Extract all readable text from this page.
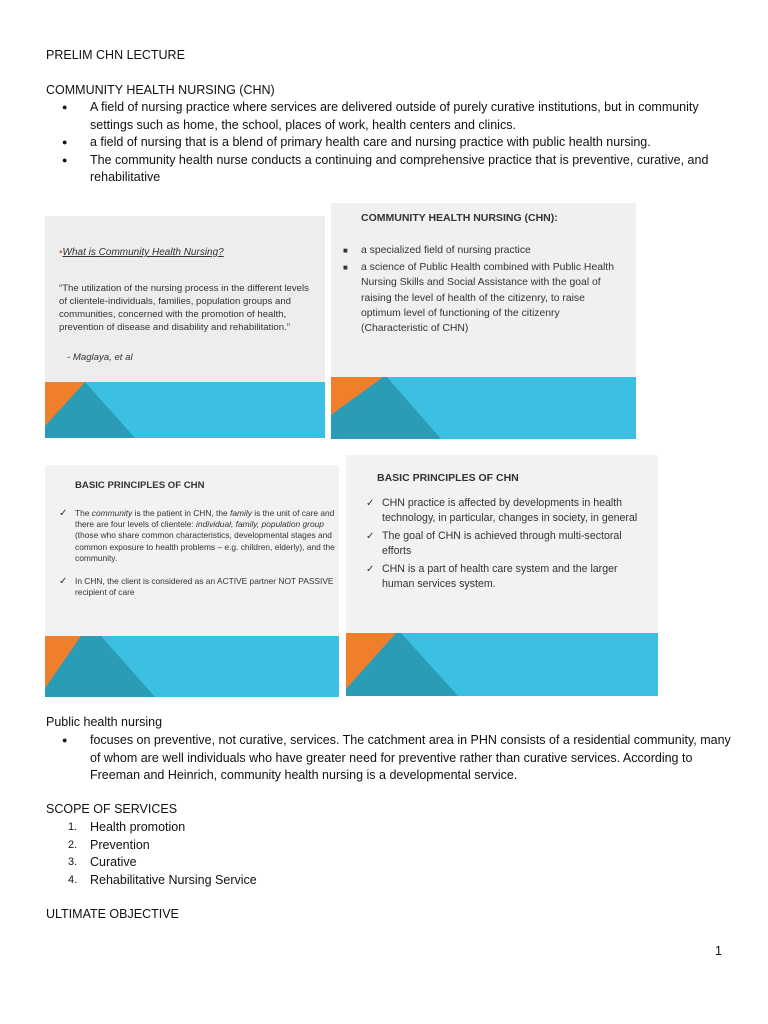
PRELIM CHN LECTURE
COMMUNITY HEALTH NURSING (CHN)
● A field of nursing practice where services are delivered outside of purely curative institutions, but in community settings such as home, the school, places of work, health centers and clinics.
● a field of nursing that is a blend of primary health care and nursing practice with public health nursing.
● The community health nurse conducts a continuing and comprehensive practice that is preventive, curative, and rehabilitative
▪What is Community Health Nursing?
“The utilization of the nursing process in the different levels of clientele-individuals, families, population groups and communities, concerned with the promotion of health, prevention of disease and disability and rehabilitation.”
- Maglaya, et al
COMMUNITY HEALTH NURSING (CHN):
■ a specialized field of nursing practice
■ a science of Public Health combined with Public Health Nursing Skills and Social Assistance with the goal of raising the level of health of the citizenry, to raise optimum level of functioning of the citizenry (Characteristic of CHN)
BASIC PRINCIPLES OF CHN
✓ The community is the patient in CHN, the family is the unit of care and there are four levels of clientele: individual, family, population group (those who share common characteristics, developmental stages and common exposure to health problems – e.g. children, elderly), and the community.
✓ In CHN, the client is considered as an ACTIVE partner NOT PASSIVE recipient of care
BASIC PRINCIPLES OF CHN
✓ CHN practice is affected by developments in health technology, in particular, changes in society, in general
✓ The goal of CHN is achieved through multi-sectoral efforts
✓ CHN is a part of health care system and the larger human services system.
Public health nursing
● focuses on preventive, not curative, services. The catchment area in PHN consists of a residential community, many of whom are well individuals who have greater need for preventive rather than curative services. According to Freeman and Heinrich, community health nursing is a developmental service.
SCOPE OF SERVICES
1. Health promotion
2. Prevention
3. Curative
4. Rehabilitative Nursing Service
ULTIMATE OBJECTIVE
1
